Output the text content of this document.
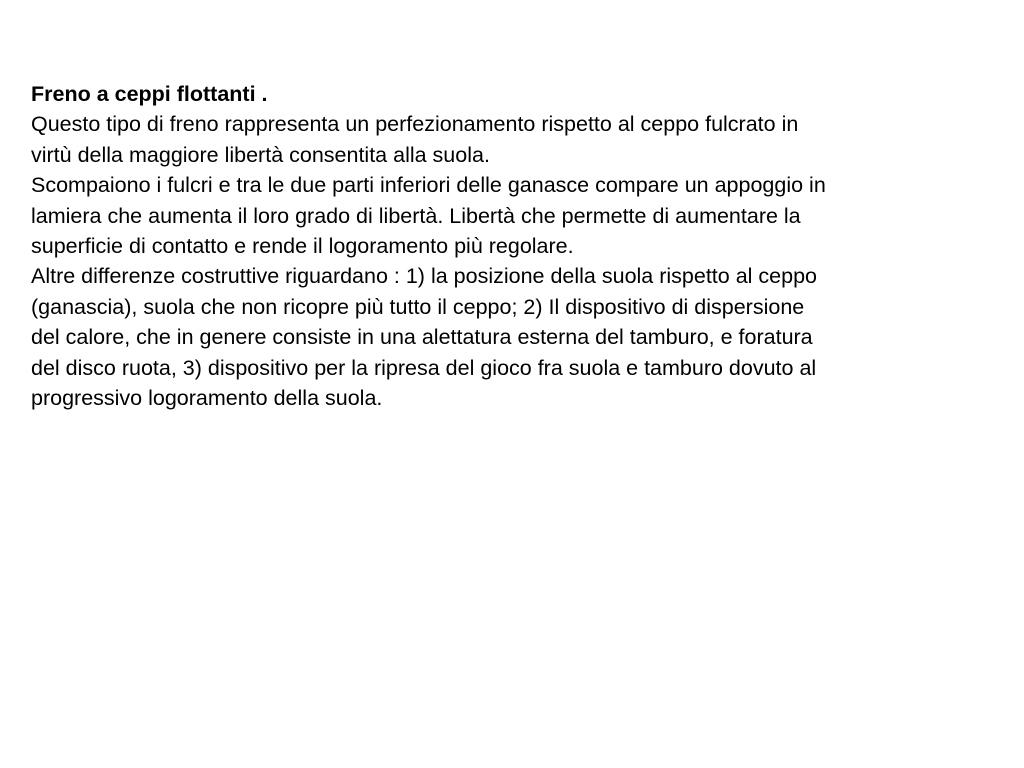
Freno a ceppi flottanti .
Questo tipo di freno rappresenta un perfezionamento rispetto al ceppo fulcrato in
virtù della maggiore libertà consentita alla suola.
Scompaiono i fulcri e tra le due parti inferiori delle ganasce compare un appoggio in
lamiera che aumenta il loro grado di libertà. Libertà che permette di aumentare la
superficie di contatto e rende il logoramento più regolare.
Altre differenze costruttive riguardano : 1) la posizione della suola rispetto al ceppo
(ganascia), suola che non ricopre più tutto il ceppo; 2) Il dispositivo di dispersione
del calore, che in genere consiste in una alettatura esterna del tamburo, e foratura
del disco ruota, 3) dispositivo per la ripresa del gioco fra suola e tamburo dovuto al
progressivo logoramento della suola.
